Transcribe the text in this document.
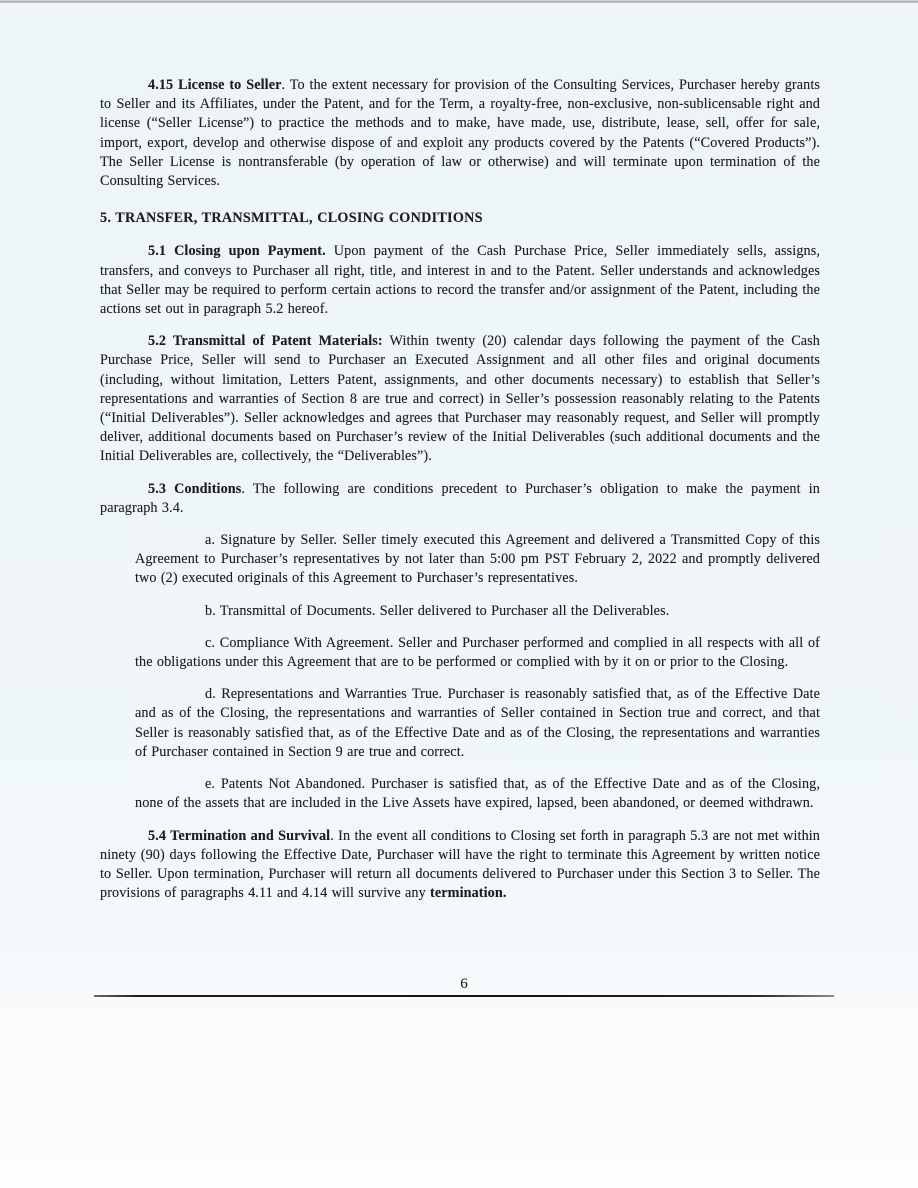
4.15 License to Seller. To the extent necessary for provision of the Consulting Services, Purchaser hereby grants to Seller and its Affiliates, under the Patent, and for the Term, a royalty-free, non-exclusive, non-sublicensable right and license (“Seller License”) to practice the methods and to make, have made, use, distribute, lease, sell, offer for sale, import, export, develop and otherwise dispose of and exploit any products covered by the Patents (“Covered Products”). The Seller License is nontransferable (by operation of law or otherwise) and will terminate upon termination of the Consulting Services.

5. TRANSFER, TRANSMITTAL, CLOSING CONDITIONS

5.1 Closing upon Payment. Upon payment of the Cash Purchase Price, Seller immediately sells, assigns, transfers, and conveys to Purchaser all right, title, and interest in and to the Patent. Seller understands and acknowledges that Seller may be required to perform certain actions to record the transfer and/or assignment of the Patent, including the actions set out in paragraph 5.2 hereof.

5.2 Transmittal of Patent Materials: Within twenty (20) calendar days following the payment of the Cash Purchase Price, Seller will send to Purchaser an Executed Assignment and all other files and original documents (including, without limitation, Letters Patent, assignments, and other documents necessary) to establish that Seller’s representations and warranties of Section 8 are true and correct) in Seller’s possession reasonably relating to the Patents (“Initial Deliverables”). Seller acknowledges and agrees that Purchaser may reasonably request, and Seller will promptly deliver, additional documents based on Purchaser’s review of the Initial Deliverables (such additional documents and the Initial Deliverables are, collectively, the “Deliverables”).

5.3 Conditions. The following are conditions precedent to Purchaser’s obligation to make the payment in paragraph 3.4.

a. Signature by Seller. Seller timely executed this Agreement and delivered a Transmitted Copy of this Agreement to Purchaser’s representatives by not later than 5:00 pm PST February 2, 2022 and promptly delivered two (2) executed originals of this Agreement to Purchaser’s representatives.

b. Transmittal of Documents. Seller delivered to Purchaser all the Deliverables.

c. Compliance With Agreement. Seller and Purchaser performed and complied in all respects with all of the obligations under this Agreement that are to be performed or complied with by it on or prior to the Closing.

d. Representations and Warranties True. Purchaser is reasonably satisfied that, as of the Effective Date and as of the Closing, the representations and warranties of Seller contained in Section true and correct, and that Seller is reasonably satisfied that, as of the Effective Date and as of the Closing, the representations and warranties of Purchaser contained in Section 9 are true and correct.

e. Patents Not Abandoned. Purchaser is satisfied that, as of the Effective Date and as of the Closing, none of the assets that are included in the Live Assets have expired, lapsed, been abandoned, or deemed withdrawn.

5.4 Termination and Survival. In the event all conditions to Closing set forth in paragraph 5.3 are not met within ninety (90) days following the Effective Date, Purchaser will have the right to terminate this Agreement by written notice to Seller. Upon termination, Purchaser will return all documents delivered to Purchaser under this Section 3 to Seller. The provisions of paragraphs 4.11 and 4.14 will survive any termination.

6
